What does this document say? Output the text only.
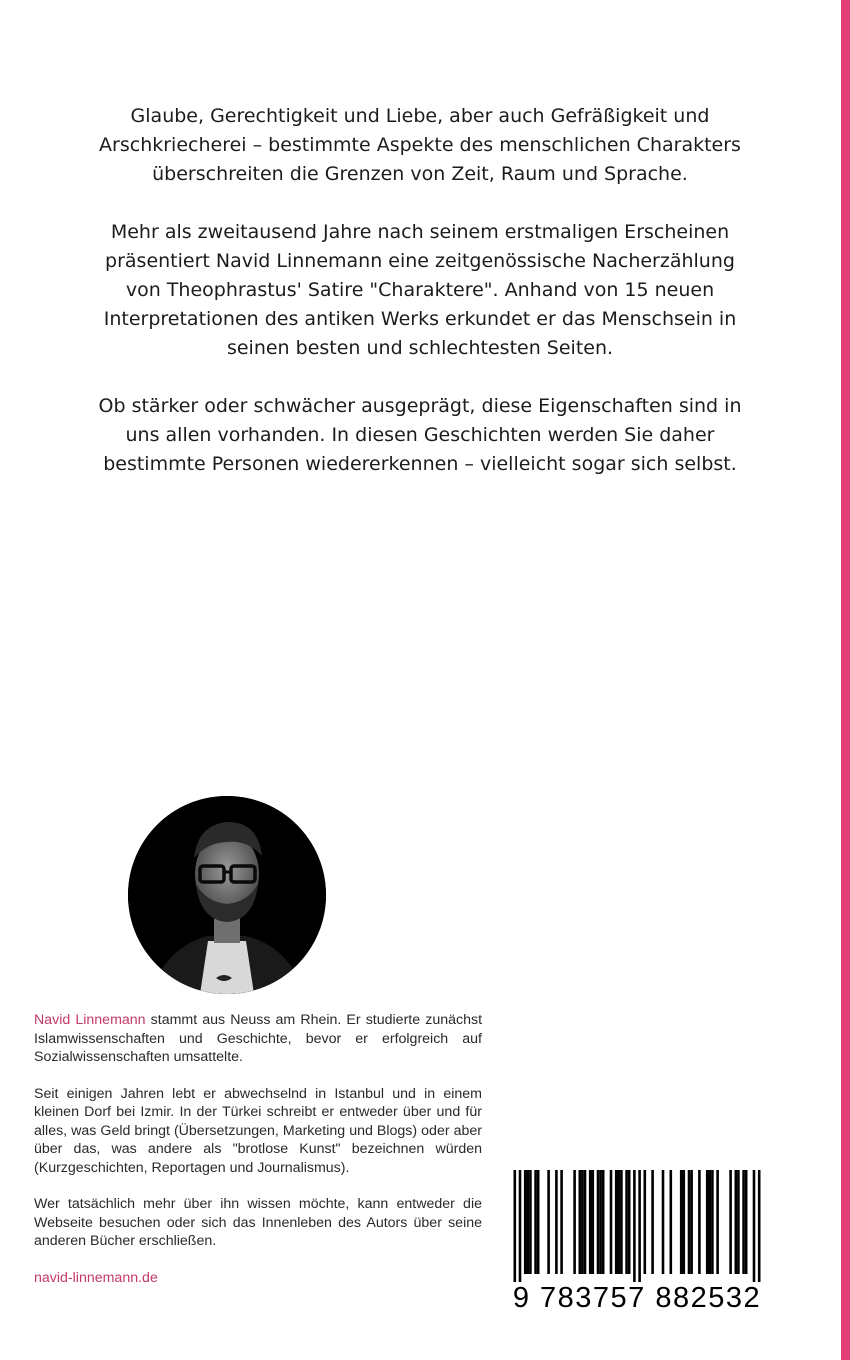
Glaube, Gerechtigkeit und Liebe, aber auch Gefräßigkeit und Arschkriecherei – bestimmte Aspekte des menschlichen Charakters überschreiten die Grenzen von Zeit, Raum und Sprache.

Mehr als zweitausend Jahre nach seinem erstmaligen Erscheinen präsentiert Navid Linnemann eine zeitgenössische Nacherzählung von Theophrastus' Satire "Charaktere". Anhand von 15 neuen Interpretationen des antiken Werks erkundet er das Menschsein in seinen besten und schlechtesten Seiten.

Ob stärker oder schwächer ausgeprägt, diese Eigenschaften sind in uns allen vorhanden. In diesen Geschichten werden Sie daher bestimmte Personen wiedererkennen – vielleicht sogar sich selbst.

Navid Linnemann stammt aus Neuss am Rhein. Er studierte zunächst Islamwissenschaften und Geschichte, bevor er erfolgreich auf Sozialwissenschaften umsattelte.

Seit einigen Jahren lebt er abwechselnd in Istanbul und in einem kleinen Dorf bei Izmir. In der Türkei schreibt er entweder über und für alles, was Geld bringt (Übersetzungen, Marketing und Blogs) oder aber über das, was andere als "brotlose Kunst" bezeichnen würden (Kurzgeschichten, Reportagen und Journalismus).

Wer tatsächlich mehr über ihn wissen möchte, kann entweder die Webseite besuchen oder sich das Innenleben des Autors über seine anderen Bücher erschließen.

navid-linnemann.de
9 783757 882532
